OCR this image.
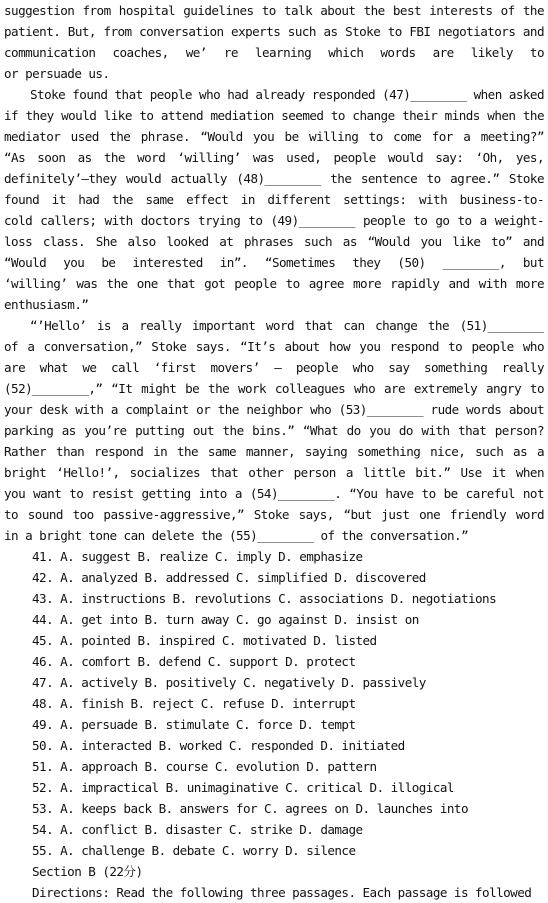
suggestion from hospital guidelines to talk about the best interests of the
patient. But, from conversation experts such as Stoke to FBI negotiators and
communication coaches, we’ re learning which words are likely to
or persuade us.
Stoke found that people who had already responded (47)________ when asked
if they would like to attend mediation seemed to change their minds when the
mediator used the phrase. “Would you be willing to come for a meeting?”
“As soon as the word ‘willing’ was used, people would say: ‘Oh, yes,
definitely’—they would actually (48)________ the sentence to agree.” Stoke
found it had the same effect in different settings: with business-to-
cold callers; with doctors trying to (49)________ people to go to a weight-
loss class. She also looked at phrases such as “Would you like to” and
“Would you be interested in”. “Sometimes they (50) ________, but
‘willing’ was the one that got people to agree more rapidly and with more
enthusiasm.”
“’Hello’ is a really important word that can change the (51)________
of a conversation,” Stoke says. “It’s about how you respond to people who
are what we call ‘first movers’ – people who say something really
(52)________,” “It might be the work colleagues who are extremely angry to
your desk with a complaint or the neighbor who (53)________ rude words about
parking as you’re putting out the bins.” “What do you do with that person?
Rather than respond in the same manner, saying something nice, such as a
bright ‘Hello!’, socializes that other person a little bit.” Use it when
you want to resist getting into a (54)________. “You have to be careful not
to sound too passive-aggressive,” Stoke says, “but just one friendly word
in a bright tone can delete the (55)________ of the conversation.”
41. A. suggest B. realize C. imply D. emphasize
42. A. analyzed B. addressed C. simplified D. discovered
43. A. instructions B. revolutions C. associations D. negotiations
44. A. get into B. turn away C. go against D. insist on
45. A. pointed B. inspired C. motivated D. listed
46. A. comfort B. defend C. support D. protect
47. A. actively B. positively C. negatively D. passively
48. A. finish B. reject C. refuse D. interrupt
49. A. persuade B. stimulate C. force D. tempt
50. A. interacted B. worked C. responded D. initiated
51. A. approach B. course C. evolution D. pattern
52. A. impractical B. unimaginative C. critical D. illogical
53. A. keeps back B. answers for C. agrees on D. launches into
54. A. conflict B. disaster C. strike D. damage
55. A. challenge B. debate C. worry D. silence
Section B (22分)
Directions: Read the following three passages. Each passage is followed
